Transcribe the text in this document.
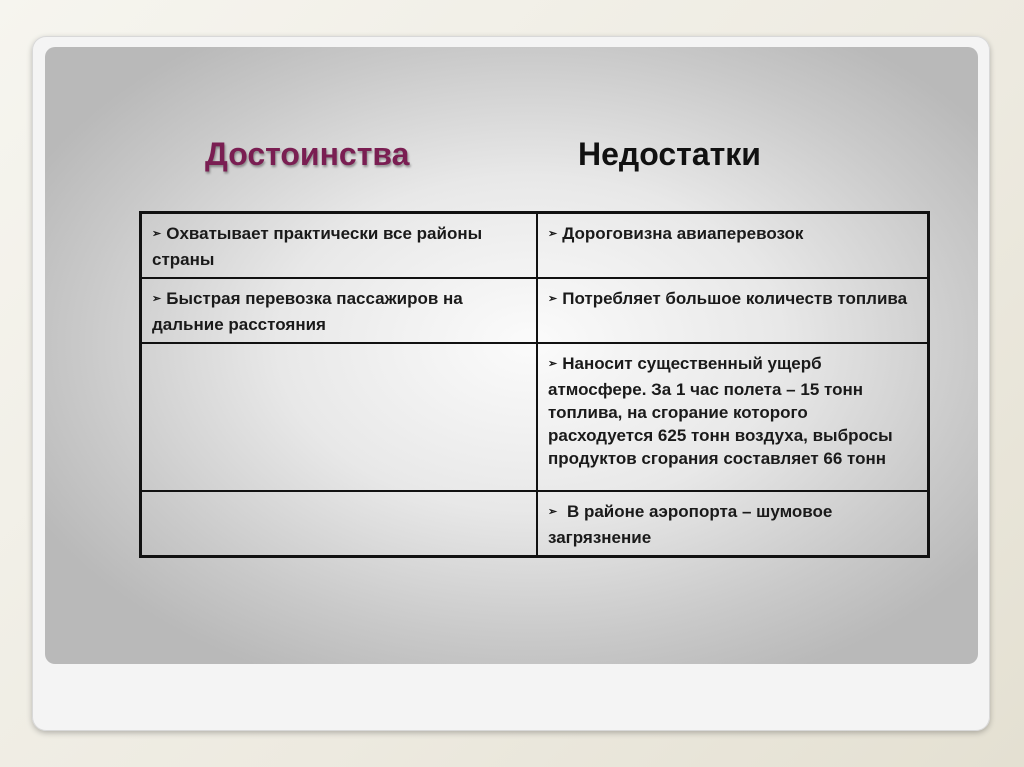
Достоинства	Недостатки
➢ Охватывает практически все районы страны	➢ Дороговизна авиаперевозок
➢ Быстрая перевозка пассажиров на дальние расстояния	➢ Потребляет большое количеств топлива
	➢ Наносит существенный ущерб атмосфере. За 1 час полета – 15 тонн топлива, на сгорание которого расходуется 625 тонн воздуха, выбросы продуктов сгорания составляет 66 тонн
	➢ В районе аэропорта – шумовое загрязнение
